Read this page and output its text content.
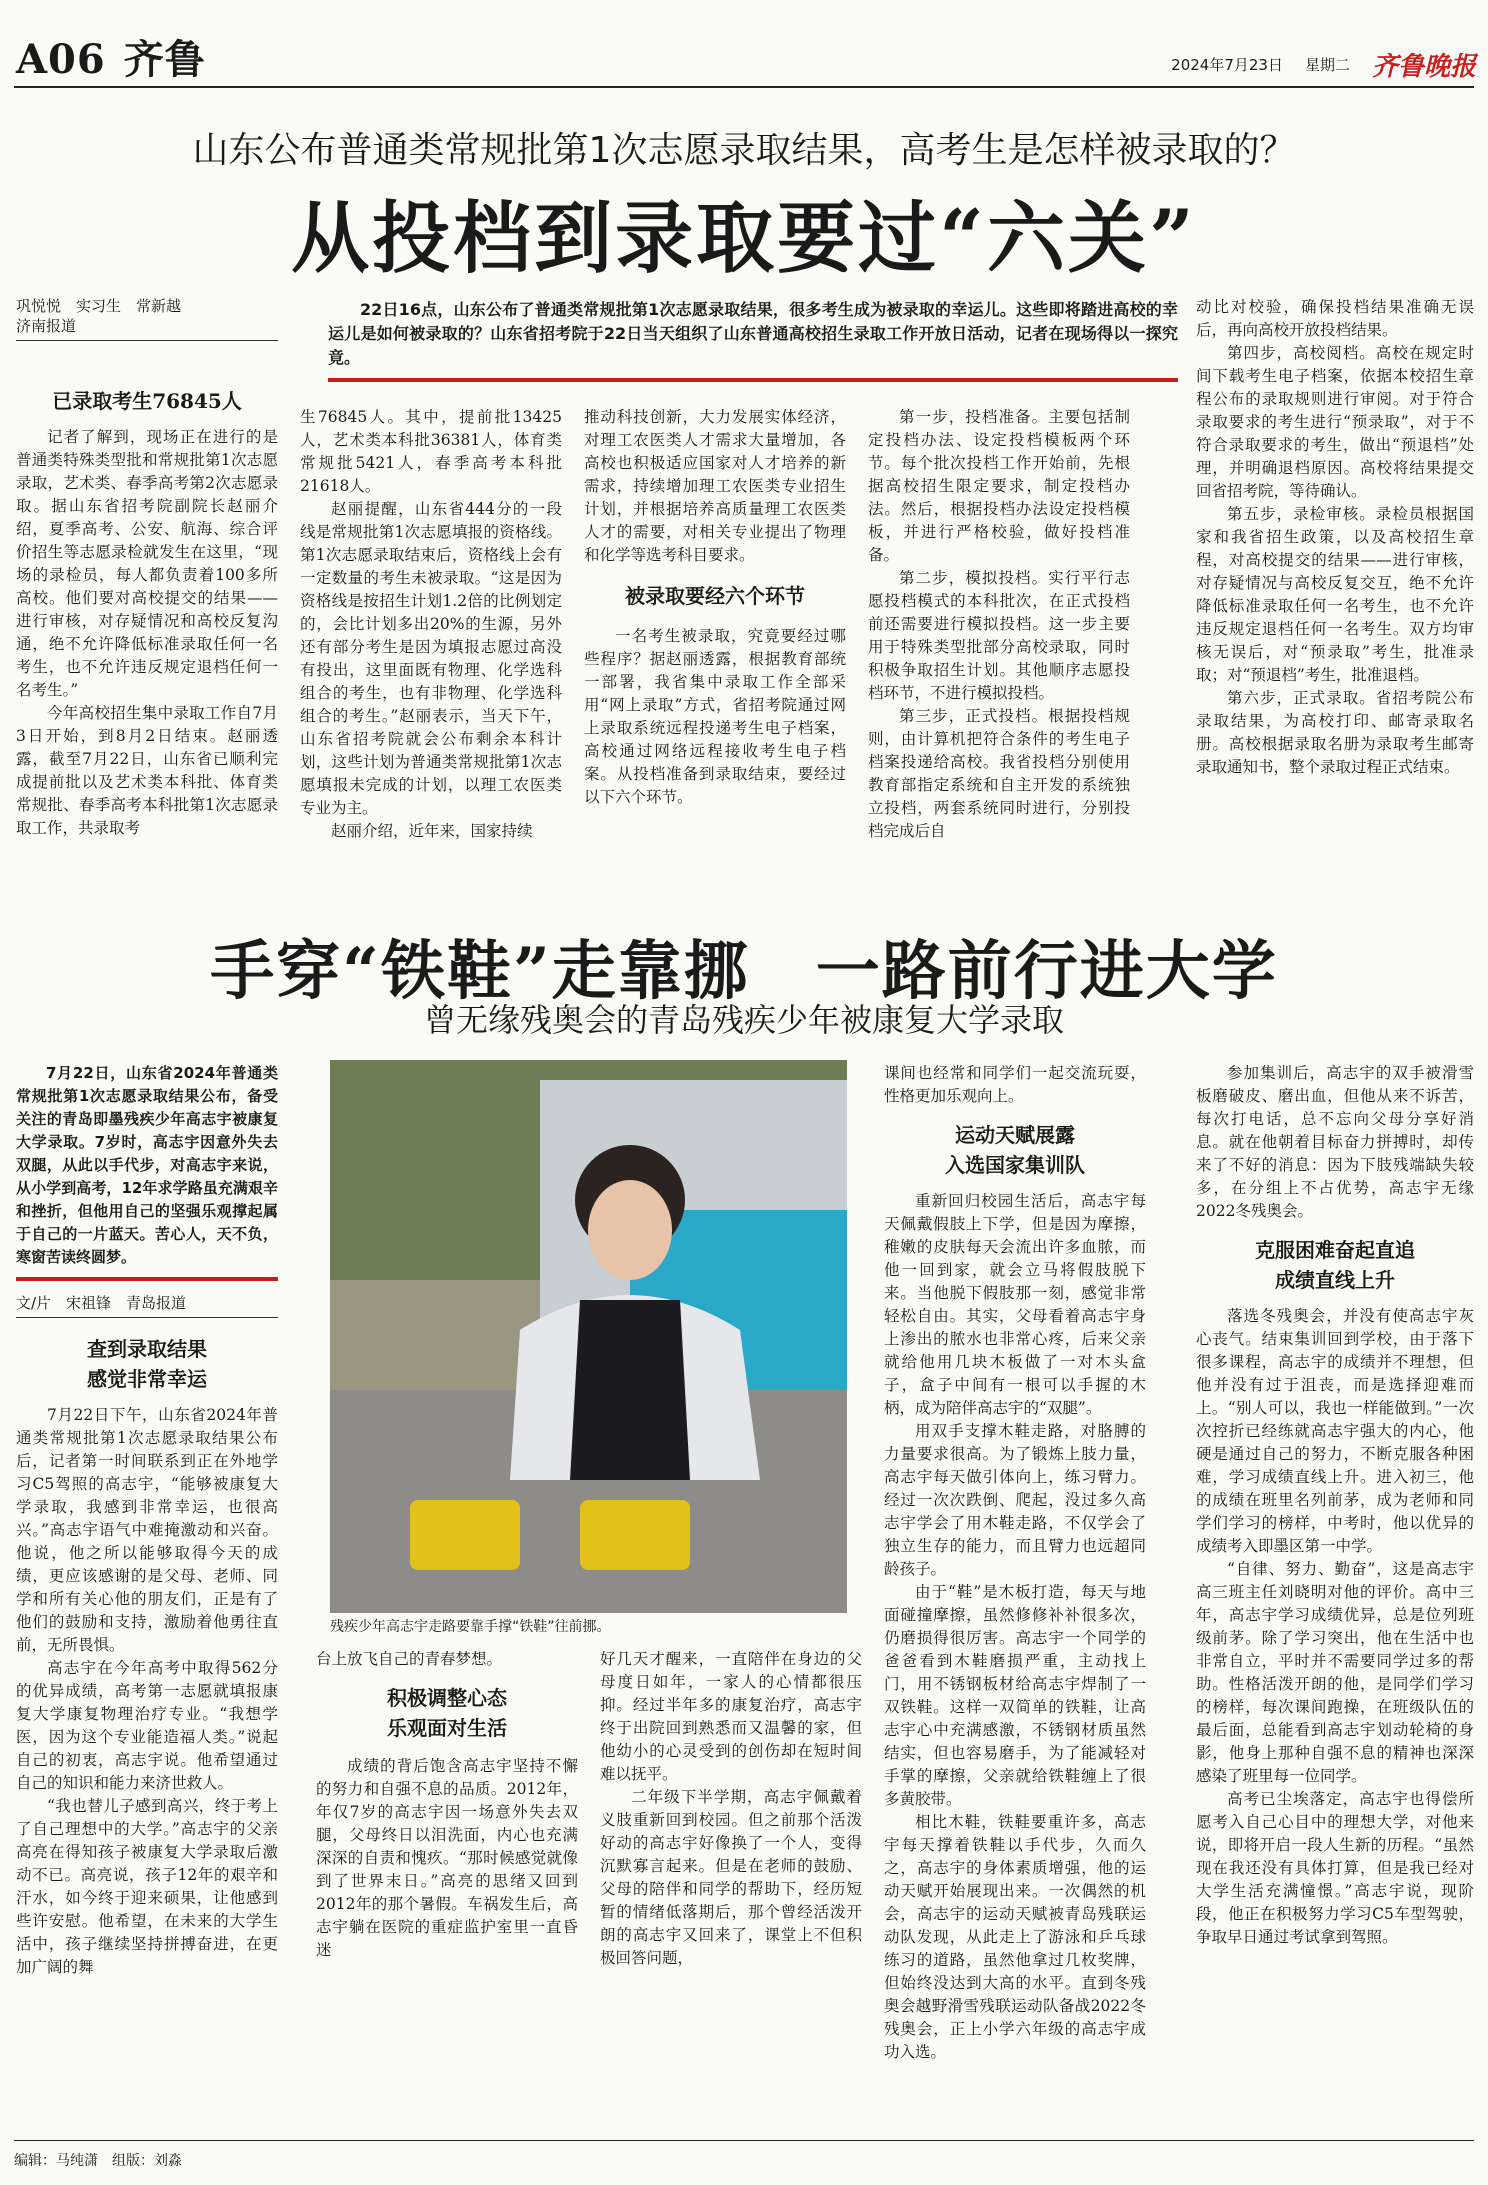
A06 齐鲁	2024年7月23日 星期二 齐鲁晚报
山东公布普通类常规批第1次志愿录取结果，高考生是怎样被录取的？
从投档到录取要过“六关”
巩悦悦　实习生　常新越
济南报道

22日16点，山东公布了普通类常规批第1次志愿录取结果，很多考生成为被录取的幸运儿。这些即将踏进高校的幸运儿是如何被录取的？山东省招考院于22日当天组织了山东普通高校招生录取工作开放日活动，记者在现场得以一探究竟。

已录取考生76845人

记者了解到，现场正在进行的是普通类特殊类型批和常规批第1次志愿录取，艺术类、春季高考第2次志愿录取。据山东省招考院副院长赵丽介绍，夏季高考、公安、航海、综合评价招生等志愿录检就发生在这里，“现场的录检员，每人都负责着100多所高校。他们要对高校提交的结果——进行审核，对存疑情况和高校反复沟通，绝不允许降低标准录取任何一名考生，也不允许违反规定退档任何一名考生。”

今年高校招生集中录取工作自7月3日开始，到8月2日结束。赵丽透露，截至7月22日，山东省已顺利完成提前批以及艺术类本科批、体育类常规批、春季高考本科批第1次志愿录取工作，共录取考

生76845人。其中，提前批13425人，艺术类本科批36381人，体育类常规批5421人，春季高考本科批21618人。

赵丽提醒，山东省444分的一段线是常规批第1次志愿填报的资格线。第1次志愿录取结束后，资格线上会有一定数量的考生未被录取。“这是因为资格线是按招生计划1.2倍的比例划定的，会比计划多出20%的生源，另外还有部分考生是因为填报志愿过高没有投出，这里面既有物理、化学选科组合的考生，也有非物理、化学选科组合的考生。”赵丽表示，当天下午，山东省招考院就会公布剩余本科计划，这些计划为普通类常规批第1次志愿填报未完成的计划，以理工农医类专业为主。

赵丽介绍，近年来，国家持续

推动科技创新，大力发展实体经济，对理工农医类人才需求大量增加，各高校也积极适应国家对人才培养的新需求，持续增加理工农医类专业招生计划，并根据培养高质量理工农医类人才的需要，对相关专业提出了物理和化学等选考科目要求。

被录取要经六个环节

一名考生被录取，究竟要经过哪些程序？据赵丽透露，根据教育部统一部署，我省集中录取工作全部采用“网上录取”方式，省招考院通过网上录取系统远程投递考生电子档案，高校通过网络远程接收考生电子档案。从投档准备到录取结束，要经过以下六个环节。

第一步，投档准备。主要包括制定投档办法、设定投档模板两个环节。每个批次投档工作开始前，先根据高校招生限定要求，制定投档办法。然后，根据投档办法设定投档模板，并进行严格校验，做好投档准备。

第二步，模拟投档。实行平行志愿投档模式的本科批次，在正式投档前还需要进行模拟投档。这一步主要用于特殊类型批部分高校录取，同时积极争取招生计划。其他顺序志愿投档环节，不进行模拟投档。

第三步，正式投档。根据投档规则，由计算机把符合条件的考生电子档案投递给高校。我省投档分别使用教育部指定系统和自主开发的系统独立投档，两套系统同时进行，分别投档完成后自

动比对校验，确保投档结果准确无误后，再向高校开放投档结果。

第四步，高校阅档。高校在规定时间下载考生电子档案，依据本校招生章程公布的录取规则进行审阅。对于符合录取要求的考生进行“预录取”，对于不符合录取要求的考生，做出“预退档”处理，并明确退档原因。高校将结果提交回省招考院，等待确认。

第五步，录检审核。录检员根据国家和我省招生政策，以及高校招生章程，对高校提交的结果——进行审核，对存疑情况与高校反复交互，绝不允许降低标准录取任何一名考生，也不允许违反规定退档任何一名考生。双方均审核无误后，对“预录取”考生，批准录取；对“预退档”考生，批准退档。

第六步，正式录取。省招考院公布录取结果，为高校打印、邮寄录取名册。高校根据录取名册为录取考生邮寄录取通知书，整个录取过程正式结束。

手穿“铁鞋”走靠挪　一路前行进大学
曾无缘残奥会的青岛残疾少年被康复大学录取

7月22日，山东省2024年普通类常规批第1次志愿录取结果公布，备受关注的青岛即墨残疾少年高志宇被康复大学录取。7岁时，高志宇因意外失去双腿，从此以手代步，对高志宇来说，从小学到高考，12年求学路虽充满艰辛和挫折，但他用自己的坚强乐观撑起属于自己的一片蓝天。苦心人，天不负，寒窗苦读终圆梦。

文/片　宋祖锋　青岛报道
查到录取结果
感觉非常幸运

7月22日下午，山东省2024年普通类常规批第1次志愿录取结果公布后，记者第一时间联系到正在外地学习C5驾照的高志宇，“能够被康复大学录取，我感到非常幸运，也很高兴。”高志宇语气中难掩激动和兴奋。他说，他之所以能够取得今天的成绩，更应该感谢的是父母、老师、同学和所有关心他的朋友们，正是有了他们的鼓励和支持，激励着他勇往直前，无所畏惧。

高志宇在今年高考中取得562分的优异成绩，高考第一志愿就填报康复大学康复物理治疗专业。“我想学医，因为这个专业能造福人类。”说起自己的初衷，高志宇说。他希望通过自己的知识和能力来济世救人。

“我也替儿子感到高兴，终于考上了自己理想中的大学。”高志宇的父亲高亮在得知孩子被康复大学录取后激动不已。高亮说，孩子12年的艰辛和汗水，如今终于迎来硕果，让他感到些许安慰。他希望，在未来的大学生活中，孩子继续坚持拼搏奋进，在更加广阔的舞

残疾少年高志宇走路要靠手撑“铁鞋”往前挪。

台上放飞自己的青春梦想。

积极调整心态
乐观面对生活

成绩的背后饱含高志宇坚持不懈的努力和自强不息的品质。2012年，年仅7岁的高志宇因一场意外失去双腿，父母终日以泪洗面，内心也充满深深的自责和愧疚。“那时候感觉就像到了世界末日。”高亮的思绪又回到2012年的那个暑假。车祸发生后，高志宇躺在医院的重症监护室里一直昏迷

好几天才醒来，一直陪伴在身边的父母度日如年，一家人的心情都很压抑。经过半年多的康复治疗，高志宇终于出院回到熟悉而又温馨的家，但他幼小的心灵受到的创伤却在短时间难以抚平。

二年级下半学期，高志宇佩戴着义肢重新回到校园。但之前那个活泼好动的高志宇好像换了一个人，变得沉默寡言起来。但是在老师的鼓励、父母的陪伴和同学的帮助下，经历短暂的情绪低落期后，那个曾经活泼开朗的高志宇又回来了，课堂上不但积极回答问题，

课间也经常和同学们一起交流玩耍，性格更加乐观向上。

运动天赋展露
入选国家集训队

重新回归校园生活后，高志宇每天佩戴假肢上下学，但是因为摩擦，稚嫩的皮肤每天会流出许多血脓，而他一回到家，就会立马将假肢脱下来。当他脱下假肢那一刻，感觉非常轻松自由。其实，父母看着高志宇身上渗出的脓水也非常心疼，后来父亲就给他用几块木板做了一对木头盒子，盒子中间有一根可以手握的木柄，成为陪伴高志宇的“双腿”。

用双手支撑木鞋走路，对胳膊的力量要求很高。为了锻炼上肢力量，高志宇每天做引体向上，练习臂力。经过一次次跌倒、爬起，没过多久高志宇学会了用木鞋走路，不仅学会了独立生存的能力，而且臂力也远超同龄孩子。

由于“鞋”是木板打造，每天与地面碰撞摩擦，虽然修修补补很多次，仍磨损得很厉害。高志宇一个同学的爸爸看到木鞋磨损严重，主动找上门，用不锈钢板材给高志宇焊制了一双铁鞋。这样一双简单的铁鞋，让高志宇心中充满感激，不锈钢材质虽然结实，但也容易磨手，为了能减轻对手掌的摩擦，父亲就给铁鞋缠上了很多黄胶带。

相比木鞋，铁鞋要重许多，高志宇每天撑着铁鞋以手代步，久而久之，高志宇的身体素质增强，他的运动天赋开始展现出来。一次偶然的机会，高志宇的运动天赋被青岛残联运动队发现，从此走上了游泳和乒乓球练习的道路，虽然他拿过几枚奖牌，但始终没达到大高的水平。直到冬残奥会越野滑雪残联运动队备战2022冬残奥会，正上小学六年级的高志宇成功入选。

参加集训后，高志宇的双手被滑雪板磨破皮、磨出血，但他从来不诉苦，每次打电话，总不忘向父母分享好消息。就在他朝着目标奋力拼搏时，却传来了不好的消息：因为下肢残端缺失较多，在分组上不占优势，高志宇无缘2022冬残奥会。

克服困难奋起直追
成绩直线上升

落选冬残奥会，并没有使高志宇灰心丧气。结束集训回到学校，由于落下很多课程，高志宇的成绩并不理想，但他并没有过于沮丧，而是选择迎难而上。“别人可以，我也一样能做到。”一次次控折已经练就高志宇强大的内心，他硬是通过自己的努力，不断克服各种困难，学习成绩直线上升。进入初三，他的成绩在班里名列前茅，成为老师和同学们学习的榜样，中考时，他以优异的成绩考入即墨区第一中学。

“自律、努力、勤奋”，这是高志宇高三班主任刘晓明对他的评价。高中三年，高志宇学习成绩优异，总是位列班级前茅。除了学习突出，他在生活中也非常自立，平时并不需要同学过多的帮助。性格活泼开朗的他，是同学们学习的榜样，每次课间跑操，在班级队伍的最后面，总能看到高志宇划动轮椅的身影，他身上那种自强不息的精神也深深感染了班里每一位同学。

高考已尘埃落定，高志宇也得偿所愿考入自己心目中的理想大学，对他来说，即将开启一段人生新的历程。“虽然现在我还没有具体打算，但是我已经对大学生活充满憧憬。”高志宇说，现阶段，他正在积极努力学习C5车型驾驶，争取早日通过考试拿到驾照。

编辑：马纯潇　组版：刘淼
